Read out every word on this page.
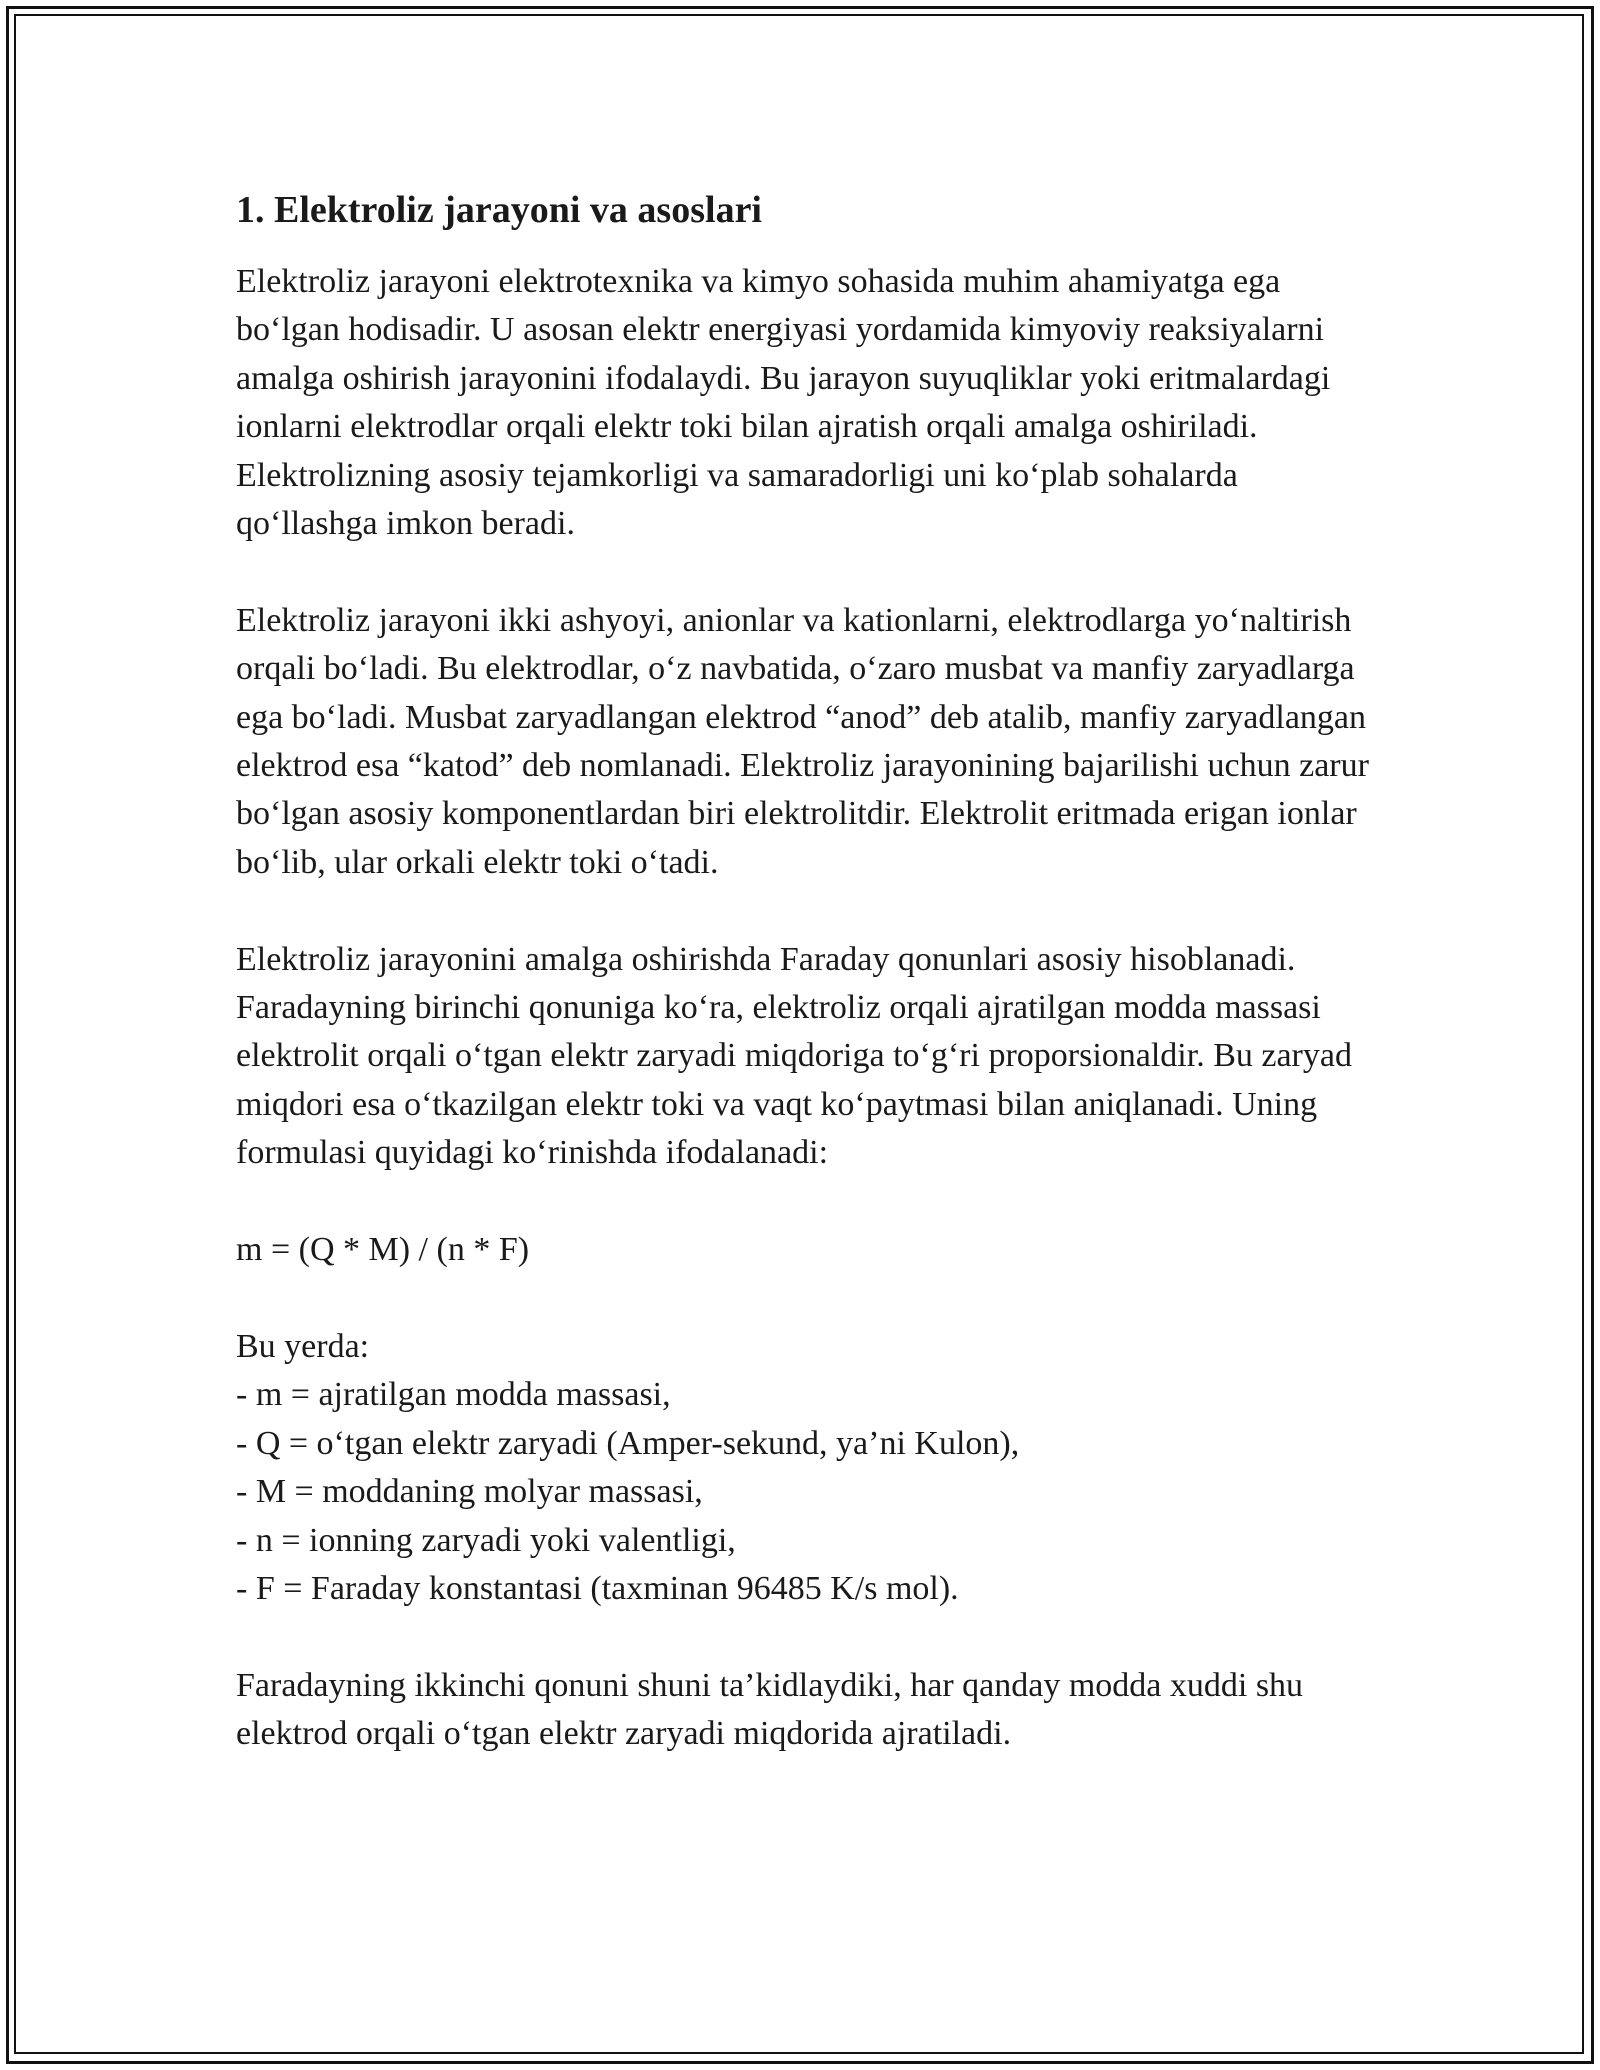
1. Elektroliz jarayoni va asoslari

Elektroliz jarayoni elektrotexnika va kimyo sohasida muhim ahamiyatga ega bo‘lgan hodisadir. U asosan elektr energiyasi yordamida kimyoviy reaksiyalarni amalga oshirish jarayonini ifodalaydi. Bu jarayon suyuqliklar yoki eritmalardagi ionlarni elektrodlar orqali elektr toki bilan ajratish orqali amalga oshiriladi. Elektrolizning asosiy tejamkorligi va samaradorligi uni ko‘plab sohalarda qo‘llashga imkon beradi.

Elektroliz jarayoni ikki ashyoyi, anionlar va kationlarni, elektrodlarga yo‘naltirish orqali bo‘ladi. Bu elektrodlar, o‘z navbatida, o‘zaro musbat va manfiy zaryadlarga ega bo‘ladi. Musbat zaryadlangan elektrod “anod” deb atalib, manfiy zaryadlangan elektrod esa “katod” deb nomlanadi. Elektroliz jarayonining bajarilishi uchun zarur bo‘lgan asosiy komponentlardan biri elektrolitdir. Elektrolit eritmada erigan ionlar bo‘lib, ular orkali elektr toki o‘tadi.

Elektroliz jarayonini amalga oshirishda Faraday qonunlari asosiy hisoblanadi. Faradayning birinchi qonuniga ko‘ra, elektroliz orqali ajratilgan modda massasi elektrolit orqali o‘tgan elektr zaryadi miqdoriga to‘g‘ri proporsionaldir. Bu zaryad miqdori esa o‘tkazilgan elektr toki va vaqt ko‘paytmasi bilan aniqlanadi. Uning formulasi quyidagi ko‘rinishda ifodalanadi:

m = (Q * M) / (n * F)
Bu yerda:
- m = ajratilgan modda massasi,
- Q = o‘tgan elektr zaryadi (Amper-sekund, ya’ni Kulon),
- M = moddaning molyar massasi,
- n = ionning zaryadi yoki valentligi,
- F = Faraday konstantasi (taxminan 96485 K/s mol).

Faradayning ikkinchi qonuni shuni ta’kidlaydiki, har qanday modda xuddi shu elektrod orqali o‘tgan elektr zaryadi miqdorida ajratiladi.
